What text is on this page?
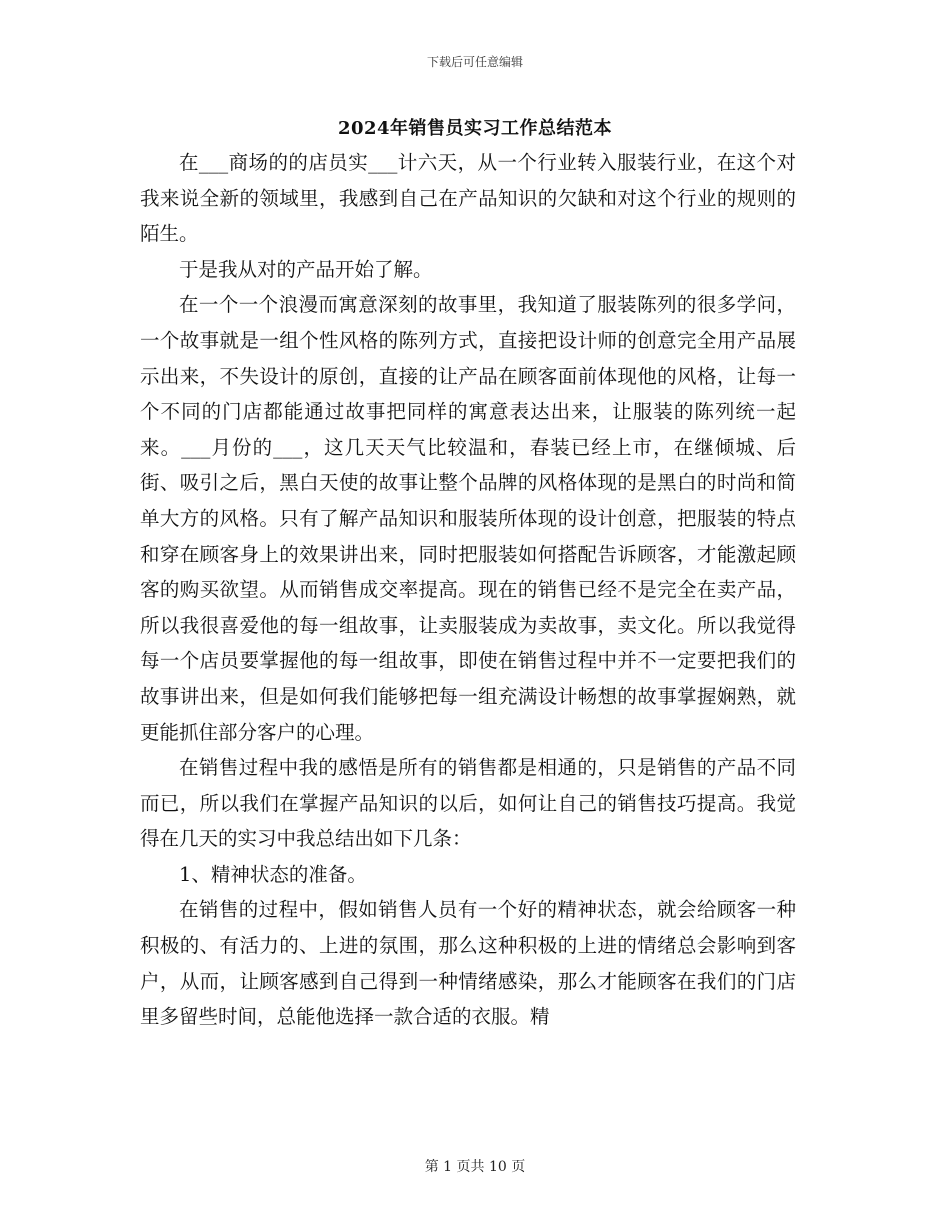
下载后可任意编辑
2024年销售员实习工作总结范本

在___商场的的店员实___计六天，从一个行业转入服装行业，在这个对我来说全新的领域里，我感到自己在产品知识的欠缺和对这个行业的规则的陌生。

于是我从对的产品开始了解。

在一个一个浪漫而寓意深刻的故事里，我知道了服装陈列的很多学问，一个故事就是一组个性风格的陈列方式，直接把设计师的创意完全用产品展示出来，不失设计的原创，直接的让产品在顾客面前体现他的风格，让每一个不同的门店都能通过故事把同样的寓意表达出来，让服装的陈列统一起来。___月份的___，这几天天气比较温和，春装已经上市，在继倾城、后街、吸引之后，黑白天使的故事让整个品牌的风格体现的是黑白的时尚和简单大方的风格。只有了解产品知识和服装所体现的设计创意，把服装的特点和穿在顾客身上的效果讲出来，同时把服装如何搭配告诉顾客，才能激起顾客的购买欲望。从而销售成交率提高。现在的销售已经不是完全在卖产品，所以我很喜爱他的每一组故事，让卖服装成为卖故事，卖文化。所以我觉得每一个店员要掌握他的每一组故事，即使在销售过程中并不一定要把我们的故事讲出来，但是如何我们能够把每一组充满设计畅想的故事掌握娴熟，就更能抓住部分客户的心理。

在销售过程中我的感悟是所有的销售都是相通的，只是销售的产品不同而已，所以我们在掌握产品知识的以后，如何让自己的销售技巧提高。我觉得在几天的实习中我总结出如下几条：

1、精神状态的准备。

在销售的过程中，假如销售人员有一个好的精神状态，就会给顾客一种积极的、有活力的、上进的氛围，那么这种积极的上进的情绪总会影响到客户，从而，让顾客感到自己得到一种情绪感染，那么才能顾客在我们的门店里多留些时间，总能他选择一款合适的衣服。精

第 1 页共 10 页
